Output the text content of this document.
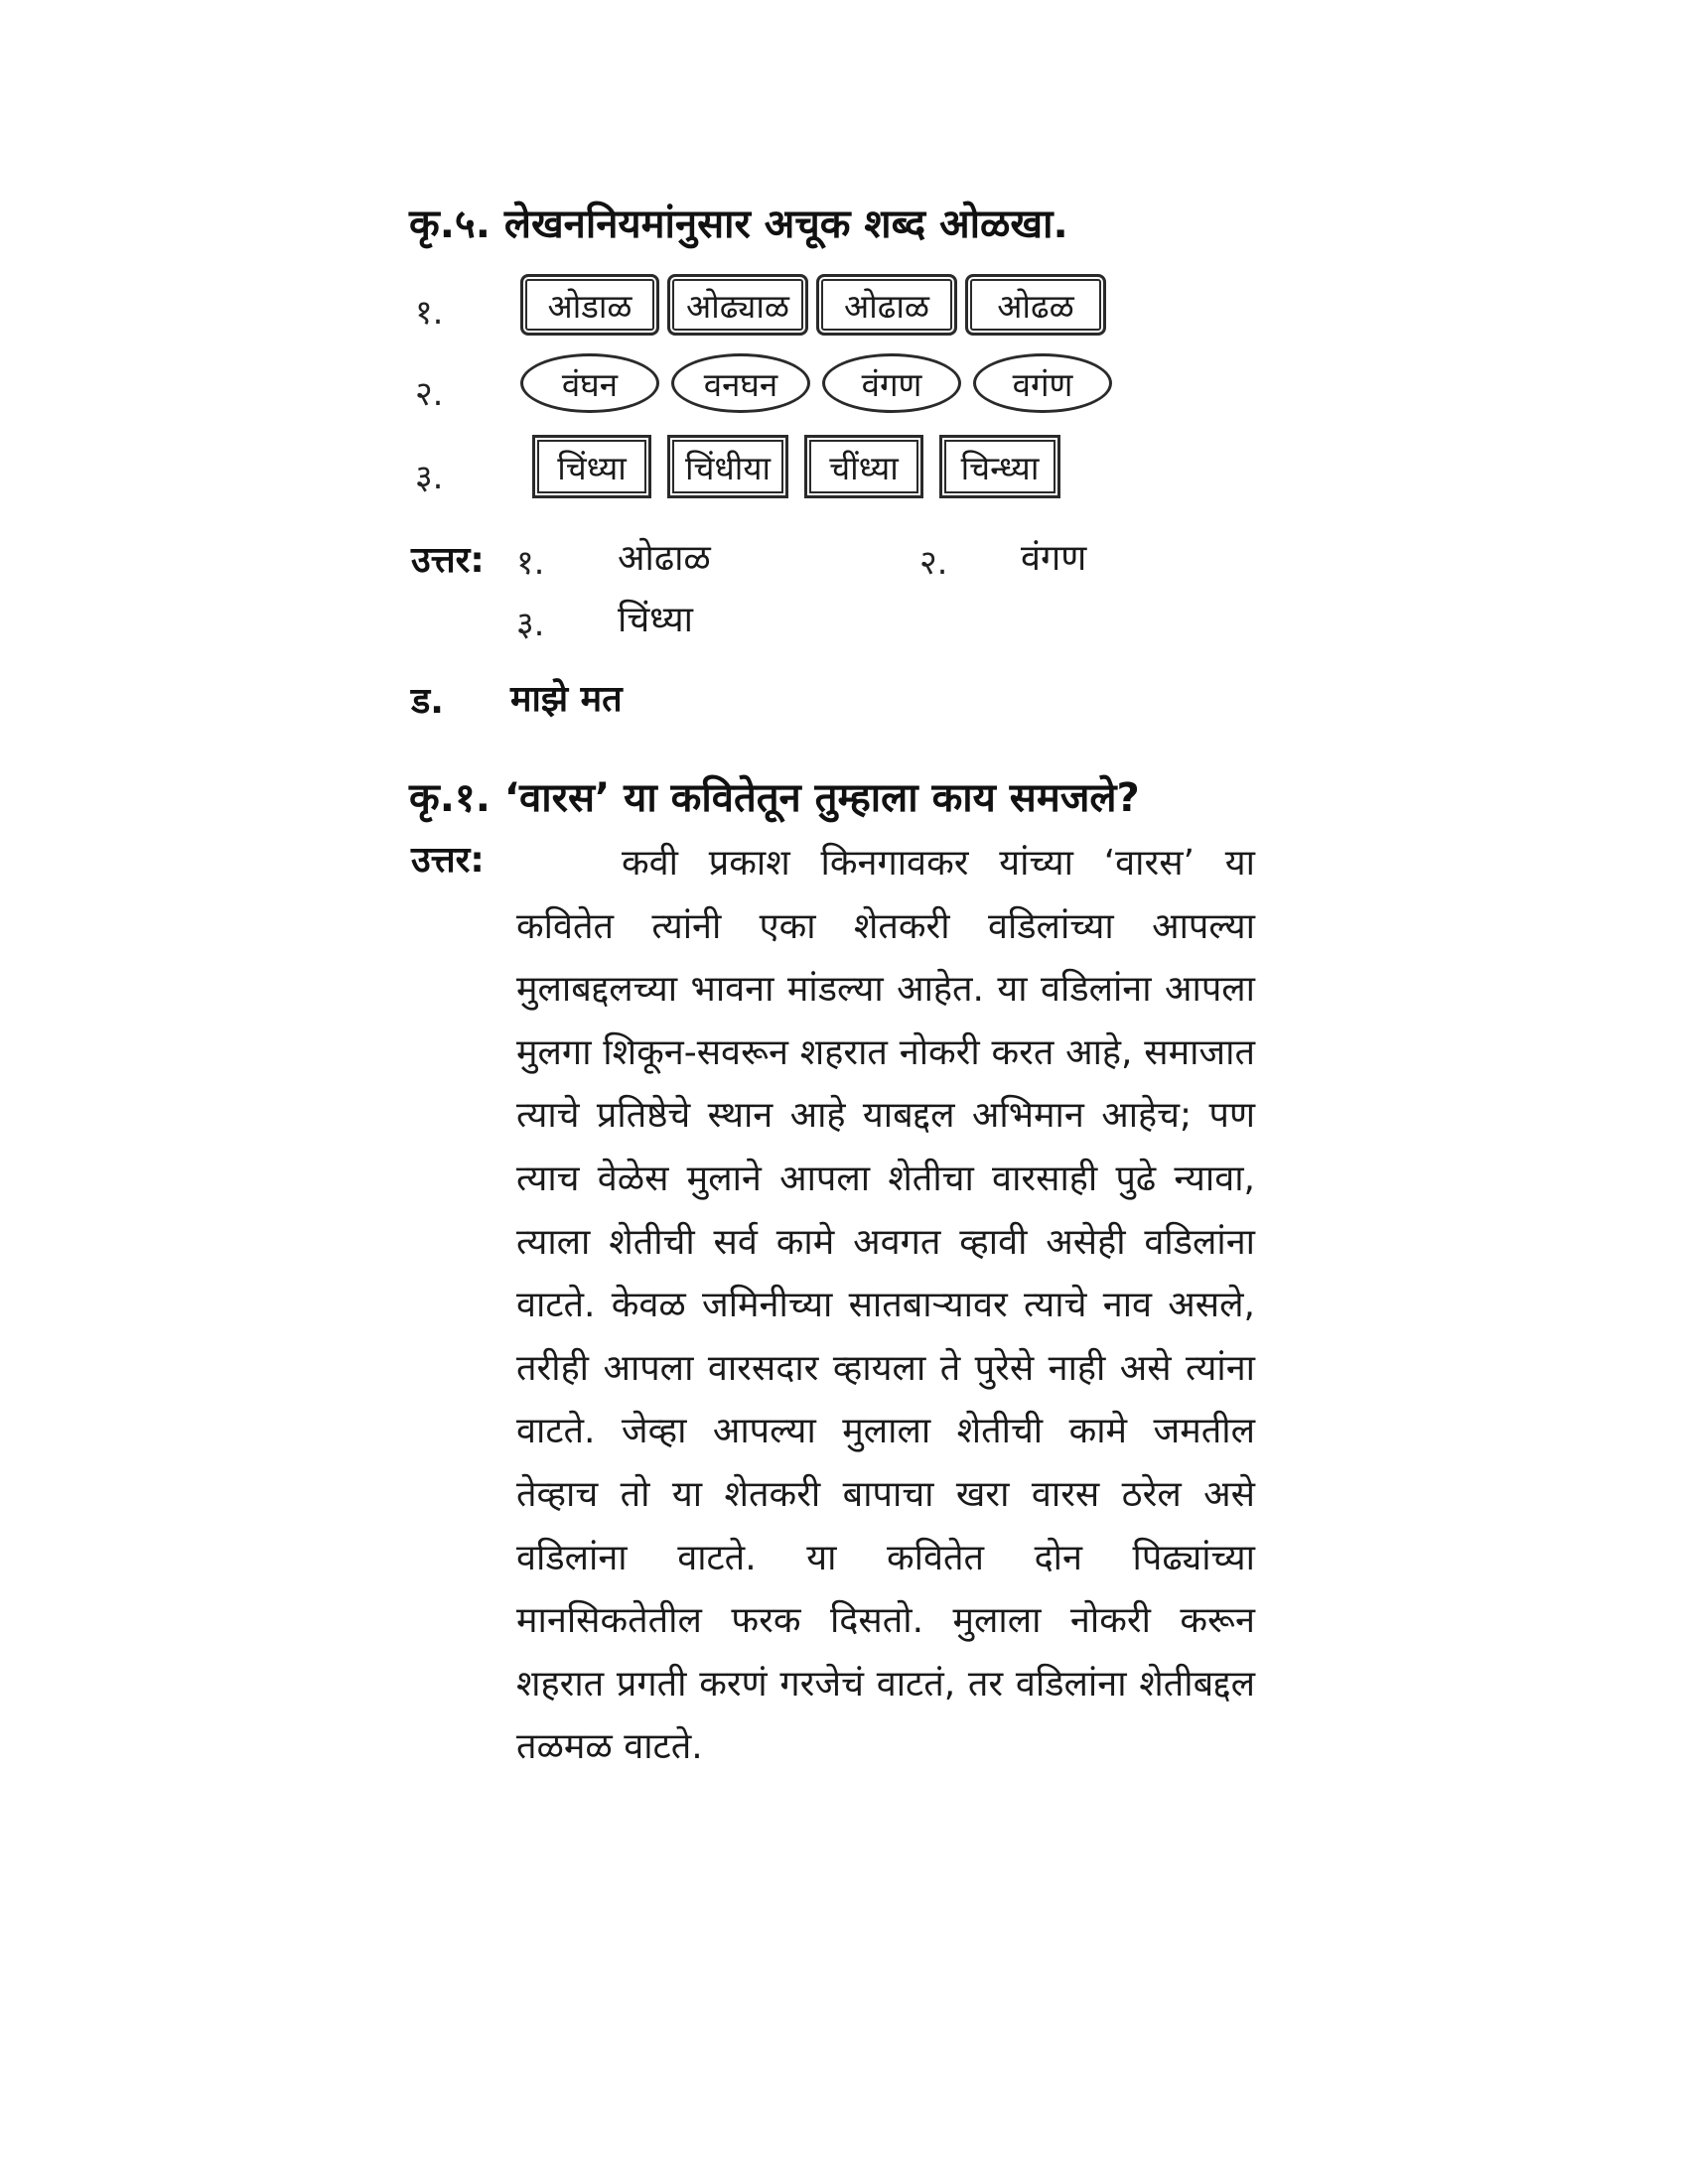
कृ.५. लेखननियमांनुसार अचूक शब्द ओळखा.
१.	ओडाळ	ओढ्याळ	ओढाळ	ओढळ
२.	वंघन	वनघन	वंगण	वगंण
३.	चिंध्या	चिंधीया	चींध्या	चिन्ध्या
उत्तर: १. ओढाळ	२. वंगण
३. चिंध्या
ड. माझे मत
कृ.१. ‘वारस’ या कवितेतून तुम्हाला काय समजले?
उत्तर:	कवी प्रकाश किनगावकर यांच्या ‘वारस’ या कवितेत त्यांनी एका शेतकरी वडिलांच्या आपल्या मुलाबद्दलच्या भावना मांडल्या आहेत. या वडिलांना आपला मुलगा शिकून-सवरून शहरात नोकरी करत आहे, समाजात त्याचे प्रतिष्ठेचे स्थान आहे याबद्दल अभिमान आहेच; पण त्याच वेळेस मुलाने आपला शेतीचा वारसाही पुढे न्यावा, त्याला शेतीची सर्व कामे अवगत व्हावी असेही वडिलांना वाटते. केवळ जमिनीच्या सातबाऱ्यावर त्याचे नाव असले, तरीही आपला वारसदार व्हायला ते पुरेसे नाही असे त्यांना वाटते. जेव्हा आपल्या मुलाला शेतीची कामे जमतील तेव्हाच तो या शेतकरी बापाचा खरा वारस ठरेल असे वडिलांना वाटते. या कवितेत दोन पिढ्यांच्या मानसिकतेतील फरक दिसतो. मुलाला नोकरी करून शहरात प्रगती करणं गरजेचं वाटतं, तर वडिलांना शेतीबद्दल तळमळ वाटते.
